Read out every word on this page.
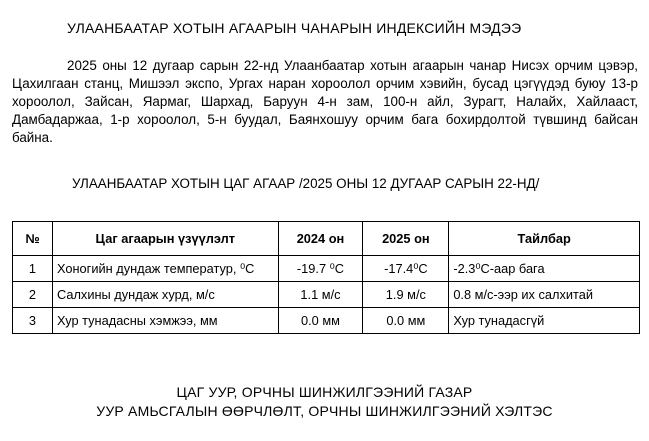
УЛААНБААТАР ХОТЫН АГААРЫН ЧАНАРЫН ИНДЕКСИЙН МЭДЭЭ

2025 оны 12 дугаар сарын 22-нд Улаанбаатар хотын агаарын чанар Нисэх орчим цэвэр, Цахилгаан станц, Мишээл экспо, Ургах наран хороолол орчим хэвийн, бусад цэгүүдэд буюу 13-р хороолол, Зайсан, Яармаг, Шархад, Баруун 4-н зам, 100-н айл, Зурагт, Налайх, Хайлааст, Дамбадаржаа, 1-р хороолол, 5-н буудал, Баянхошуу орчим бага бохирдолтой түвшинд байсан байна.

УЛААНБААТАР ХОТЫН ЦАГ АГААР /2025 ОНЫ 12 ДУГААР САРЫН 22-НД/
№	Цаг агаарын үзүүлэлт	2024 он	2025 он	Тайлбар
1	Хоногийн дундаж температур, ⁰С	-19.7 ⁰С	-17.4⁰С	-2.3⁰С-аар бага
2	Салхины дундаж хурд, м/с	1.1 м/с	1.9 м/с	0.8 м/с-ээр их салхитай
3	Хур тунадасны хэмжээ, мм	0.0 мм	0.0 мм	Хур тунадасгүй
ЦАГ УУР, ОРЧНЫ ШИНЖИЛГЭЭНИЙ ГАЗАР
УУР АМЬСГАЛЫН ӨӨРЧЛӨЛТ, ОРЧНЫ ШИНЖИЛГЭЭНИЙ ХЭЛТЭС
